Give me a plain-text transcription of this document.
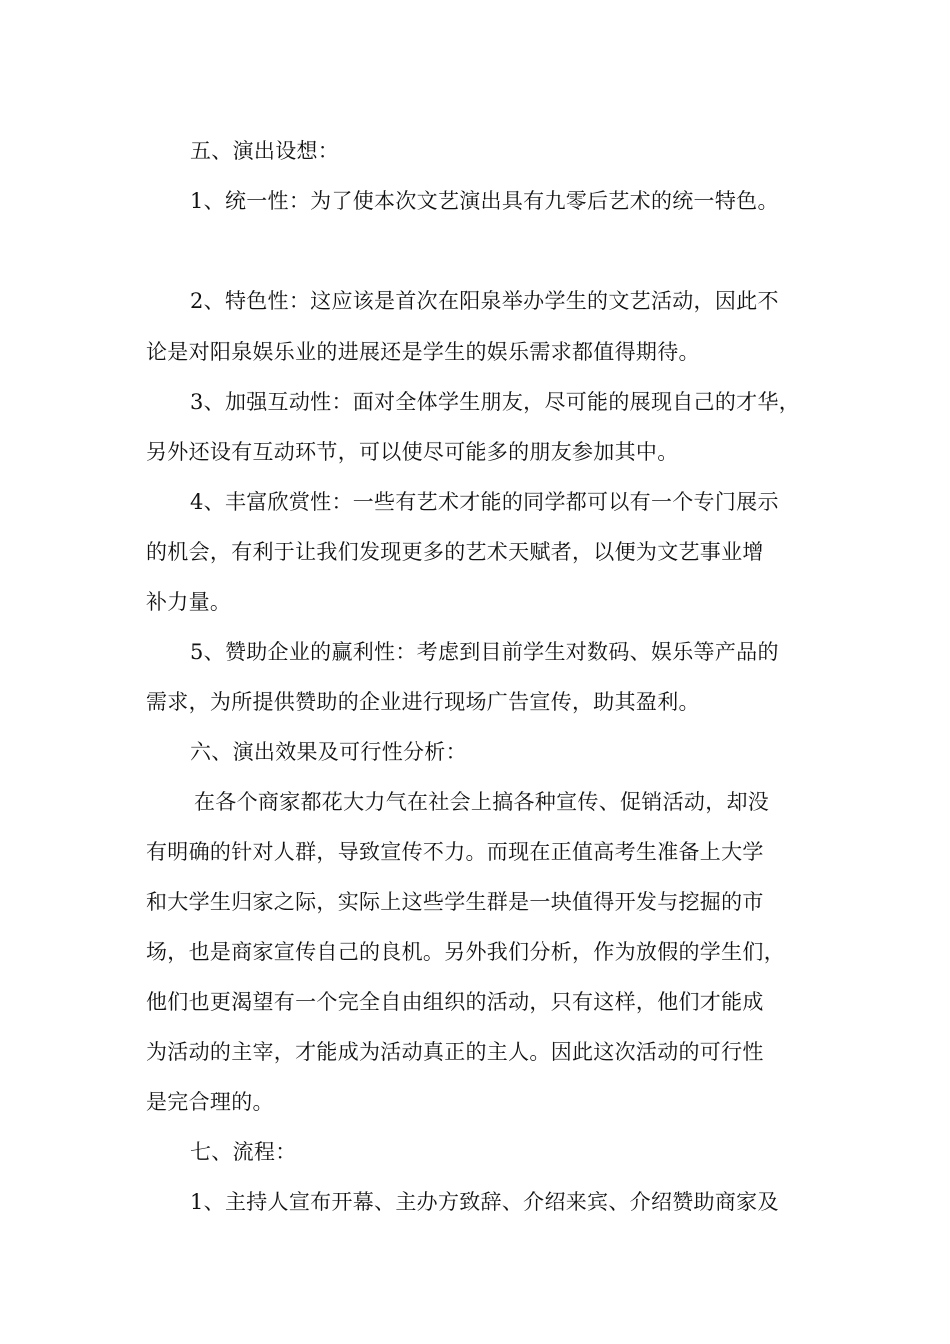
五、演出设想：
1、统一性：为了使本次文艺演出具有九零后艺术的统一特色。
2、特色性：这应该是首次在阳泉举办学生的文艺活动，因此不
论是对阳泉娱乐业的进展还是学生的娱乐需求都值得期待。
3、加强互动性：面对全体学生朋友，尽可能的展现自己的才华，
另外还设有互动环节，可以使尽可能多的朋友参加其中。
4、丰富欣赏性：一些有艺术才能的同学都可以有一个专门展示
的机会，有利于让我们发现更多的艺术天赋者，以便为文艺事业增
补力量。
5、赞助企业的赢利性：考虑到目前学生对数码、娱乐等产品的
需求，为所提供赞助的企业进行现场广告宣传，助其盈利。
六、演出效果及可行性分析：
在各个商家都花大力气在社会上搞各种宣传、促销活动，却没
有明确的针对人群，导致宣传不力。而现在正值高考生准备上大学
和大学生归家之际，实际上这些学生群是一块值得开发与挖掘的市
场，也是商家宣传自己的良机。另外我们分析，作为放假的学生们，
他们也更渴望有一个完全自由组织的活动，只有这样，他们才能成
为活动的主宰，才能成为活动真正的主人。因此这次活动的可行性
是完合理的。
七、流程：
1、主持人宣布开幕、主办方致辞、介绍来宾、介绍赞助商家及
